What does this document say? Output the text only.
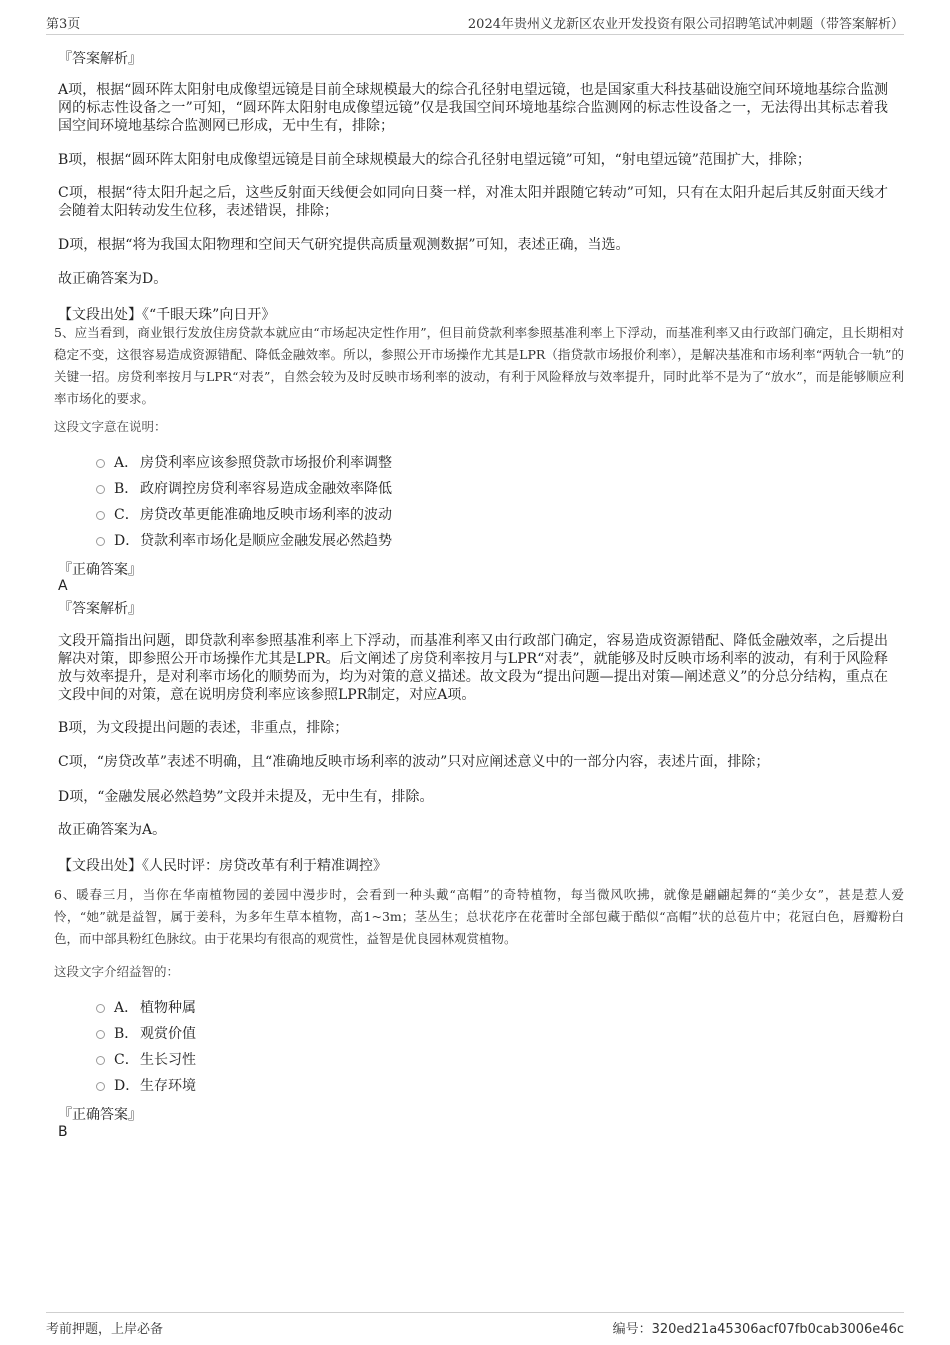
第3页	2024年贵州义龙新区农业开发投资有限公司招聘笔试冲刺题（带答案解析）
『答案解析』
A项，根据“圆环阵太阳射电成像望远镜是目前全球规模最大的综合孔径射电望远镜，也是国家重大科技基础设施空间环境地基综合监测网的标志性设备之一”可知，“圆环阵太阳射电成像望远镜”仅是我国空间环境地基综合监测网的标志性设备之一，无法得出其标志着我国空间环境地基综合监测网已形成，无中生有，排除；
B项，根据“圆环阵太阳射电成像望远镜是目前全球规模最大的综合孔径射电望远镜”可知，“射电望远镜”范围扩大，排除；
C项，根据“待太阳升起之后，这些反射面天线便会如同向日葵一样，对准太阳并跟随它转动”可知，只有在太阳升起后其反射面天线才会随着太阳转动发生位移，表述错误，排除；
D项，根据“将为我国太阳物理和空间天气研究提供高质量观测数据”可知，表述正确，当选。
故正确答案为D。
【文段出处】《“千眼天珠”向日开》
5、应当看到，商业银行发放住房贷款本就应由“市场起决定性作用”，但目前贷款利率参照基准利率上下浮动，而基准利率又由行政部门确定，且长期相对稳定不变，这很容易造成资源错配、降低金融效率。所以，参照公开市场操作尤其是LPR（指贷款市场报价利率），是解决基准和市场利率“两轨合一轨”的关键一招。房贷利率按月与LPR“对表”，自然会较为及时反映市场利率的波动，有利于风险释放与效率提升，同时此举不是为了“放水”，而是能够顺应利率市场化的要求。
这段文字意在说明：
A． 房贷利率应该参照贷款市场报价利率调整
B． 政府调控房贷利率容易造成金融效率降低
C． 房贷改革更能准确地反映市场利率的波动
D． 贷款利率市场化是顺应金融发展必然趋势
『正确答案』
A
『答案解析』
文段开篇指出问题，即贷款利率参照基准利率上下浮动，而基准利率又由行政部门确定，容易造成资源错配、降低金融效率，之后提出解决对策，即参照公开市场操作尤其是LPR。后文阐述了房贷利率按月与LPR“对表”，就能够及时反映市场利率的波动，有利于风险释放与效率提升，是对利率市场化的顺势而为，均为对策的意义描述。故文段为“提出问题—提出对策—阐述意义”的分总分结构，重点在文段中间的对策，意在说明房贷利率应该参照LPR制定，对应A项。
B项，为文段提出问题的表述，非重点，排除；
C项，“房贷改革”表述不明确，且“准确地反映市场利率的波动”只对应阐述意义中的一部分内容，表述片面，排除；
D项，“金融发展必然趋势”文段并未提及，无中生有，排除。
故正确答案为A。
【文段出处】《人民时评：房贷改革有利于精准调控》
6、暖春三月，当你在华南植物园的姜园中漫步时，会看到一种头戴“高帽”的奇特植物，每当微风吹拂，就像是翩翩起舞的“美少女”，甚是惹人爱怜，“她”就是益智，属于姜科，为多年生草本植物，高1~3m；茎丛生；总状花序在花蕾时全部包藏于酷似“高帽”状的总苞片中；花冠白色，唇瓣粉白色，而中部具粉红色脉纹。由于花果均有很高的观赏性，益智是优良园林观赏植物。
这段文字介绍益智的：
A． 植物种属
B． 观赏价值
C． 生长习性
D． 生存环境
『正确答案』
B
考前押题，上岸必备	编号：320ed21a45306acf07fb0cab3006e46c
